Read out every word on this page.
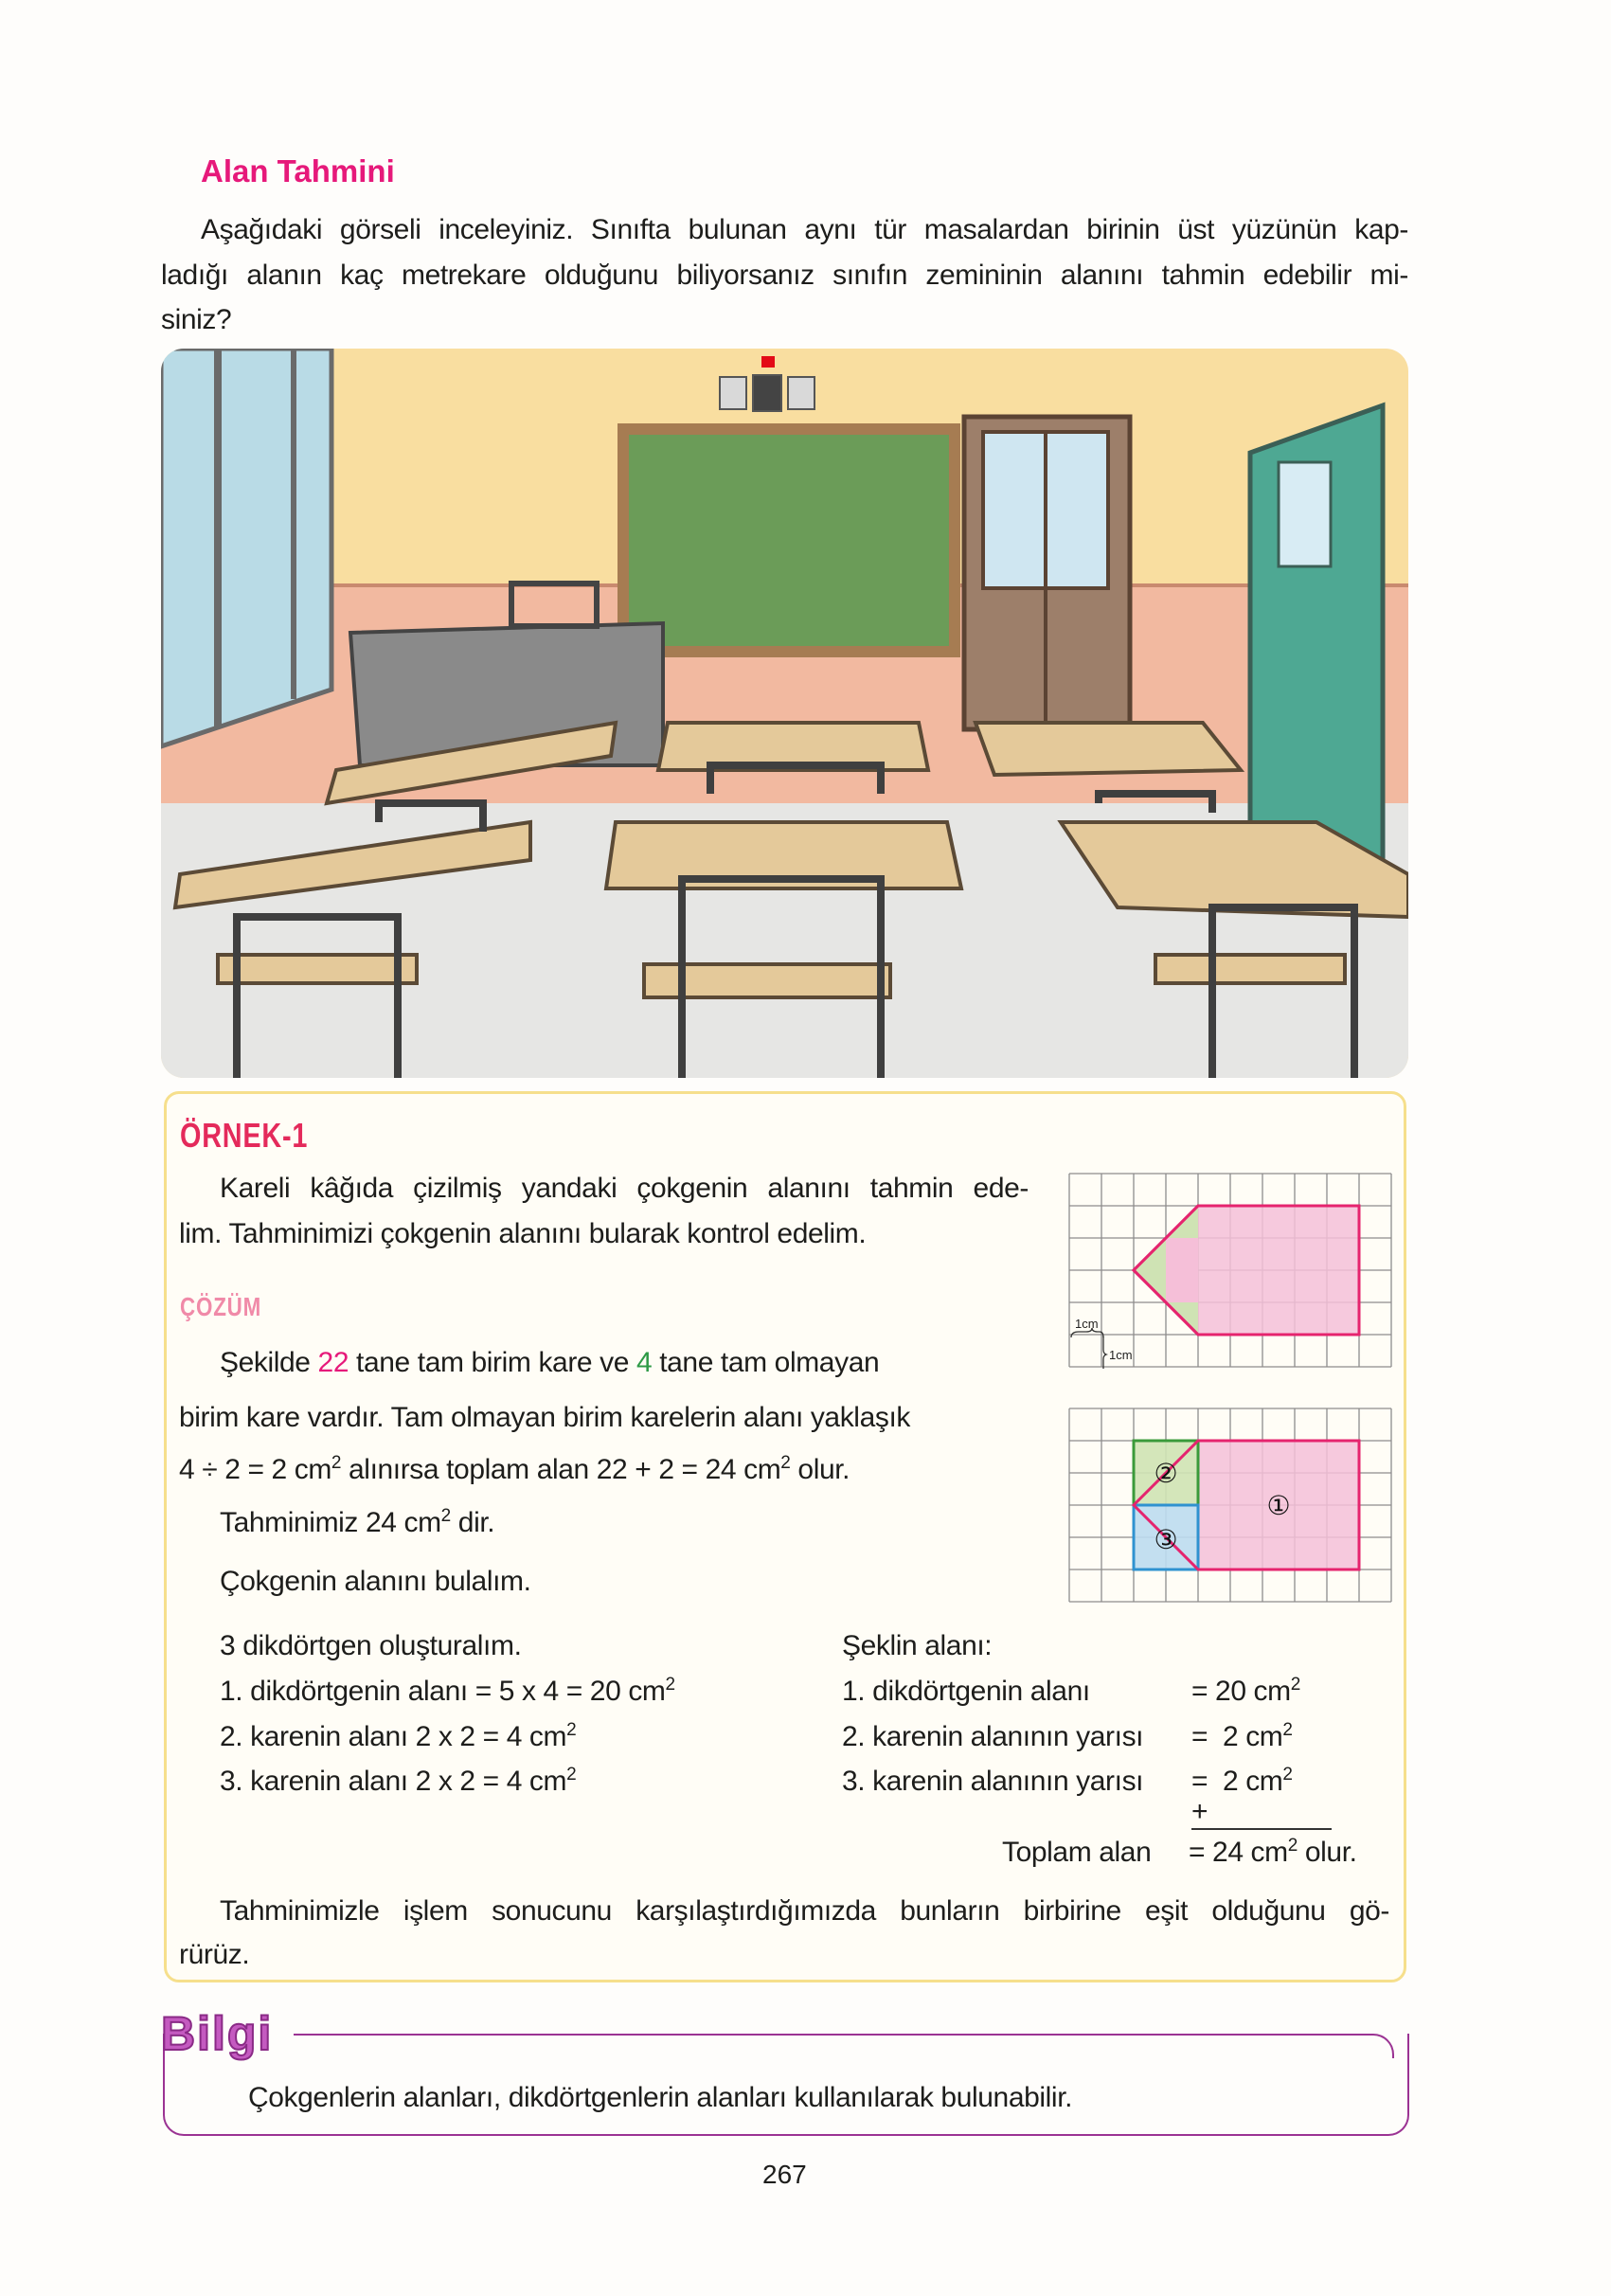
Alan Tahmini
Aşağıdaki görseli inceleyiniz. Sınıfta bulunan aynı tür masalardan birinin üst yüzünün kap-
ladığı alanın kaç metrekare olduğunu biliyorsanız sınıfın zemininin alanını tahmin edebilir mi-
siniz?
ÖRNEK-1
Kareli kâğıda çizilmiş yandaki çokgenin alanını tahmin ede-
lim. Tahminimizi çokgenin alanını bularak kontrol edelim.
ÇÖZÜM
Şekilde 22 tane tam birim kare ve 4 tane tam olmayan
birim kare vardır. Tam olmayan birim karelerin alanı yaklaşık
4 ÷ 2 = 2 $cm^2$ alınırsa toplam alan 22 + 2 = 24 $cm^2$ olur.
Tahminimiz 24 $cm^2$ dir.
Çokgenin alanını bulalım.
3 dikdörtgen oluşturalım.
1. dikdörtgenin alanı = 5 x 4 = 20 $cm^2$
2. karenin alanı 2 x 2 = 4 $cm^2$
3. karenin alanı 2 x 2 = 4 $cm^2$
Şeklin alanı:
1. dikdörtgenin alanı
2. karenin alanının yarısı
3. karenin alanının yarısı
= 20 $cm^2$
=  2 $cm^2$
=  2 $cm^2$
+
Toplam alan = 24 $cm^2$ olur.
Tahminimizle işlem sonucunu karşılaştırdığımızda bunların birbirine eşit olduğunu gö-
rürüz.
1cm
1cm
①
②
③
Bilgi
Çokgenlerin alanları, dikdörtgenlerin alanları kullanılarak bulunabilir.
267
